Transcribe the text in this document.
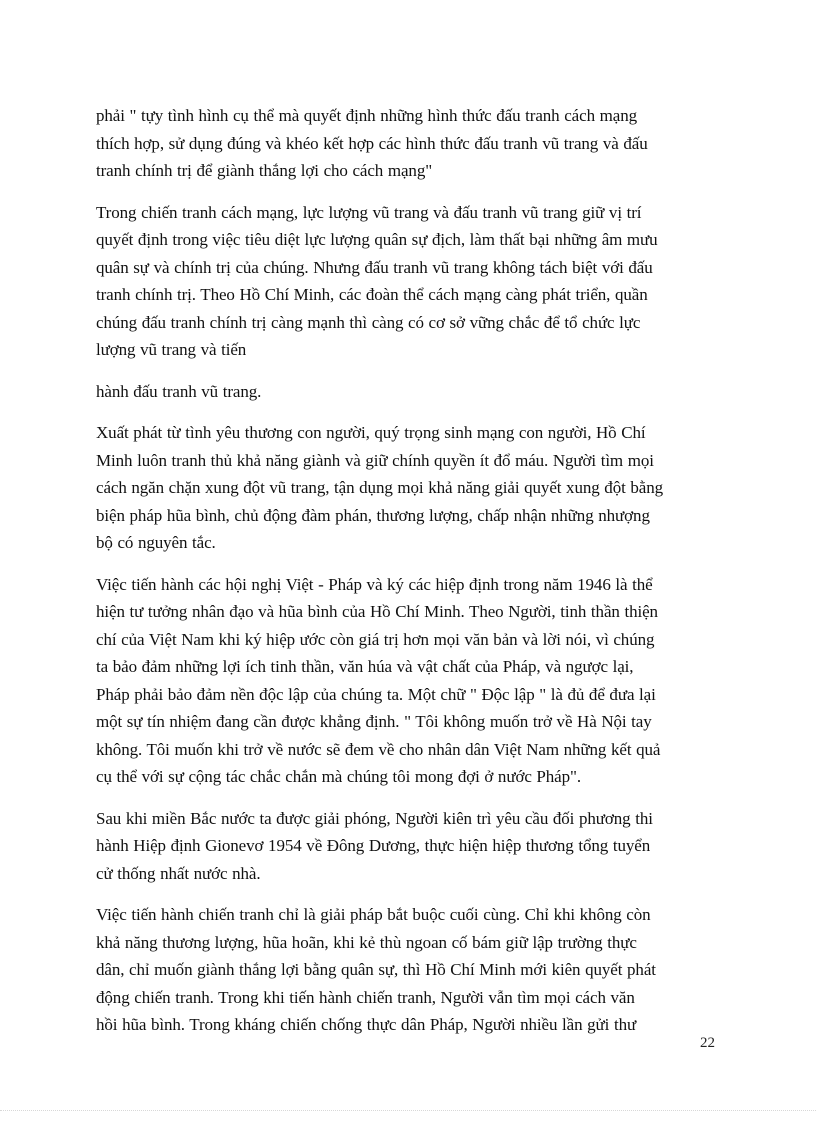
phải " tựy tình hình cụ thể mà quyết định những hình thức đấu tranh cách mạng
thích hợp, sử dụng đúng và khéo kết hợp các hình thức đấu tranh vũ trang và đấu
tranh chính trị để giành thắng lợi cho cách mạng"

Trong chiến tranh cách mạng, lực lượng vũ trang và đấu tranh vũ trang giữ vị trí
quyết định trong việc tiêu diệt lực lượng quân sự địch, làm thất bại những âm mưu
quân sự và chính trị của chúng. Nhưng đấu tranh vũ trang không tách biệt với đấu
tranh chính trị. Theo Hồ Chí Minh, các đoàn thể cách mạng càng phát triển, quần
chúng đấu tranh chính trị càng mạnh thì càng có cơ sở vững chắc để tổ chức lực
lượng vũ trang và tiến

hành đấu tranh vũ trang.

Xuất phát từ tình yêu thương con người, quý trọng sinh mạng con người, Hồ Chí
Minh luôn tranh thủ khả năng giành và giữ chính quyền ít đổ máu. Người tìm mọi
cách ngăn chặn xung đột vũ trang, tận dụng mọi khả năng giải quyết xung đột bằng
biện pháp hũa bình, chủ động đàm phán, thương lượng, chấp nhận những nhượng
bộ có nguyên tắc.

Việc tiến hành các hội nghị Việt - Pháp và ký các hiệp định trong năm 1946 là thể
hiện tư tưởng nhân đạo và hũa bình của Hồ Chí Minh. Theo Người, tinh thần thiện
chí của Việt Nam khi ký hiệp ước còn giá trị hơn mọi văn bản và lời nói, vì chúng
ta bảo đảm những lợi ích tinh thần, văn húa và vật chất của Pháp, và ngược lại,
Pháp phải bảo đảm nền độc lập của chúng ta. Một chữ " Độc lập " là đủ để đưa lại
một sự tín nhiệm đang cần được khẳng định. " Tôi không muốn trở về Hà Nội tay
không. Tôi muốn khi trở về nước sẽ đem về cho nhân dân Việt Nam những kết quả
cụ thể với sự cộng tác chắc chắn mà chúng tôi mong đợi ở nước Pháp".

Sau khi miền Bắc nước ta được giải phóng, Người kiên trì yêu cầu đối phương thi
hành Hiệp định Gionevơ 1954 về Đông Dương, thực hiện hiệp thương tổng tuyển
cử thống nhất nước nhà.

Việc tiến hành chiến tranh chỉ là giải pháp bắt buộc cuối cùng. Chỉ khi không còn
khả năng thương lượng, hũa hoãn, khi kẻ thù ngoan cố bám giữ lập trường thực
dân, chỉ muốn giành thắng lợi bằng quân sự, thì Hồ Chí Minh mới kiên quyết phát
động chiến tranh. Trong khi tiến hành chiến tranh, Người vẫn tìm mọi cách văn
hồi hũa bình. Trong kháng chiến chống thực dân Pháp, Người nhiều lần gửi thư

22
